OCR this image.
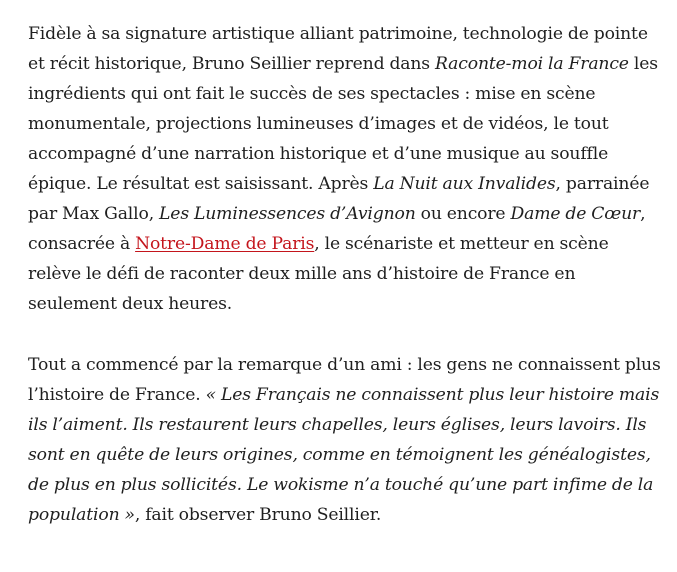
Fidèle à sa signature artistique alliant patrimoine, technologie de pointe et récit historique, Bruno Seillier reprend dans Raconte-moi la France les ingrédients qui ont fait le succès de ses spectacles : mise en scène monumentale, projections lumineuses d’images et de vidéos, le tout accompagné d’une narration historique et d’une musique au souffle épique. Le résultat est saisissant. Après La Nuit aux Invalides, parrainée par Max Gallo, Les Luminessences d’Avignon ou encore Dame de Cœur, consacrée à Notre-Dame de Paris, le scénariste et metteur en scène relève le défi de raconter deux mille ans d’histoire de France en seulement deux heures.

Tout a commencé par la remarque d’un ami : les gens ne connaissent plus l’histoire de France. « Les Français ne connaissent plus leur histoire mais ils l’aiment. Ils restaurent leurs chapelles, leurs églises, leurs lavoirs. Ils sont en quête de leurs origines, comme en témoignent les généalogistes, de plus en plus sollicités. Le wokisme n’a touché qu’une part infime de la population », fait observer Bruno Seillier.
